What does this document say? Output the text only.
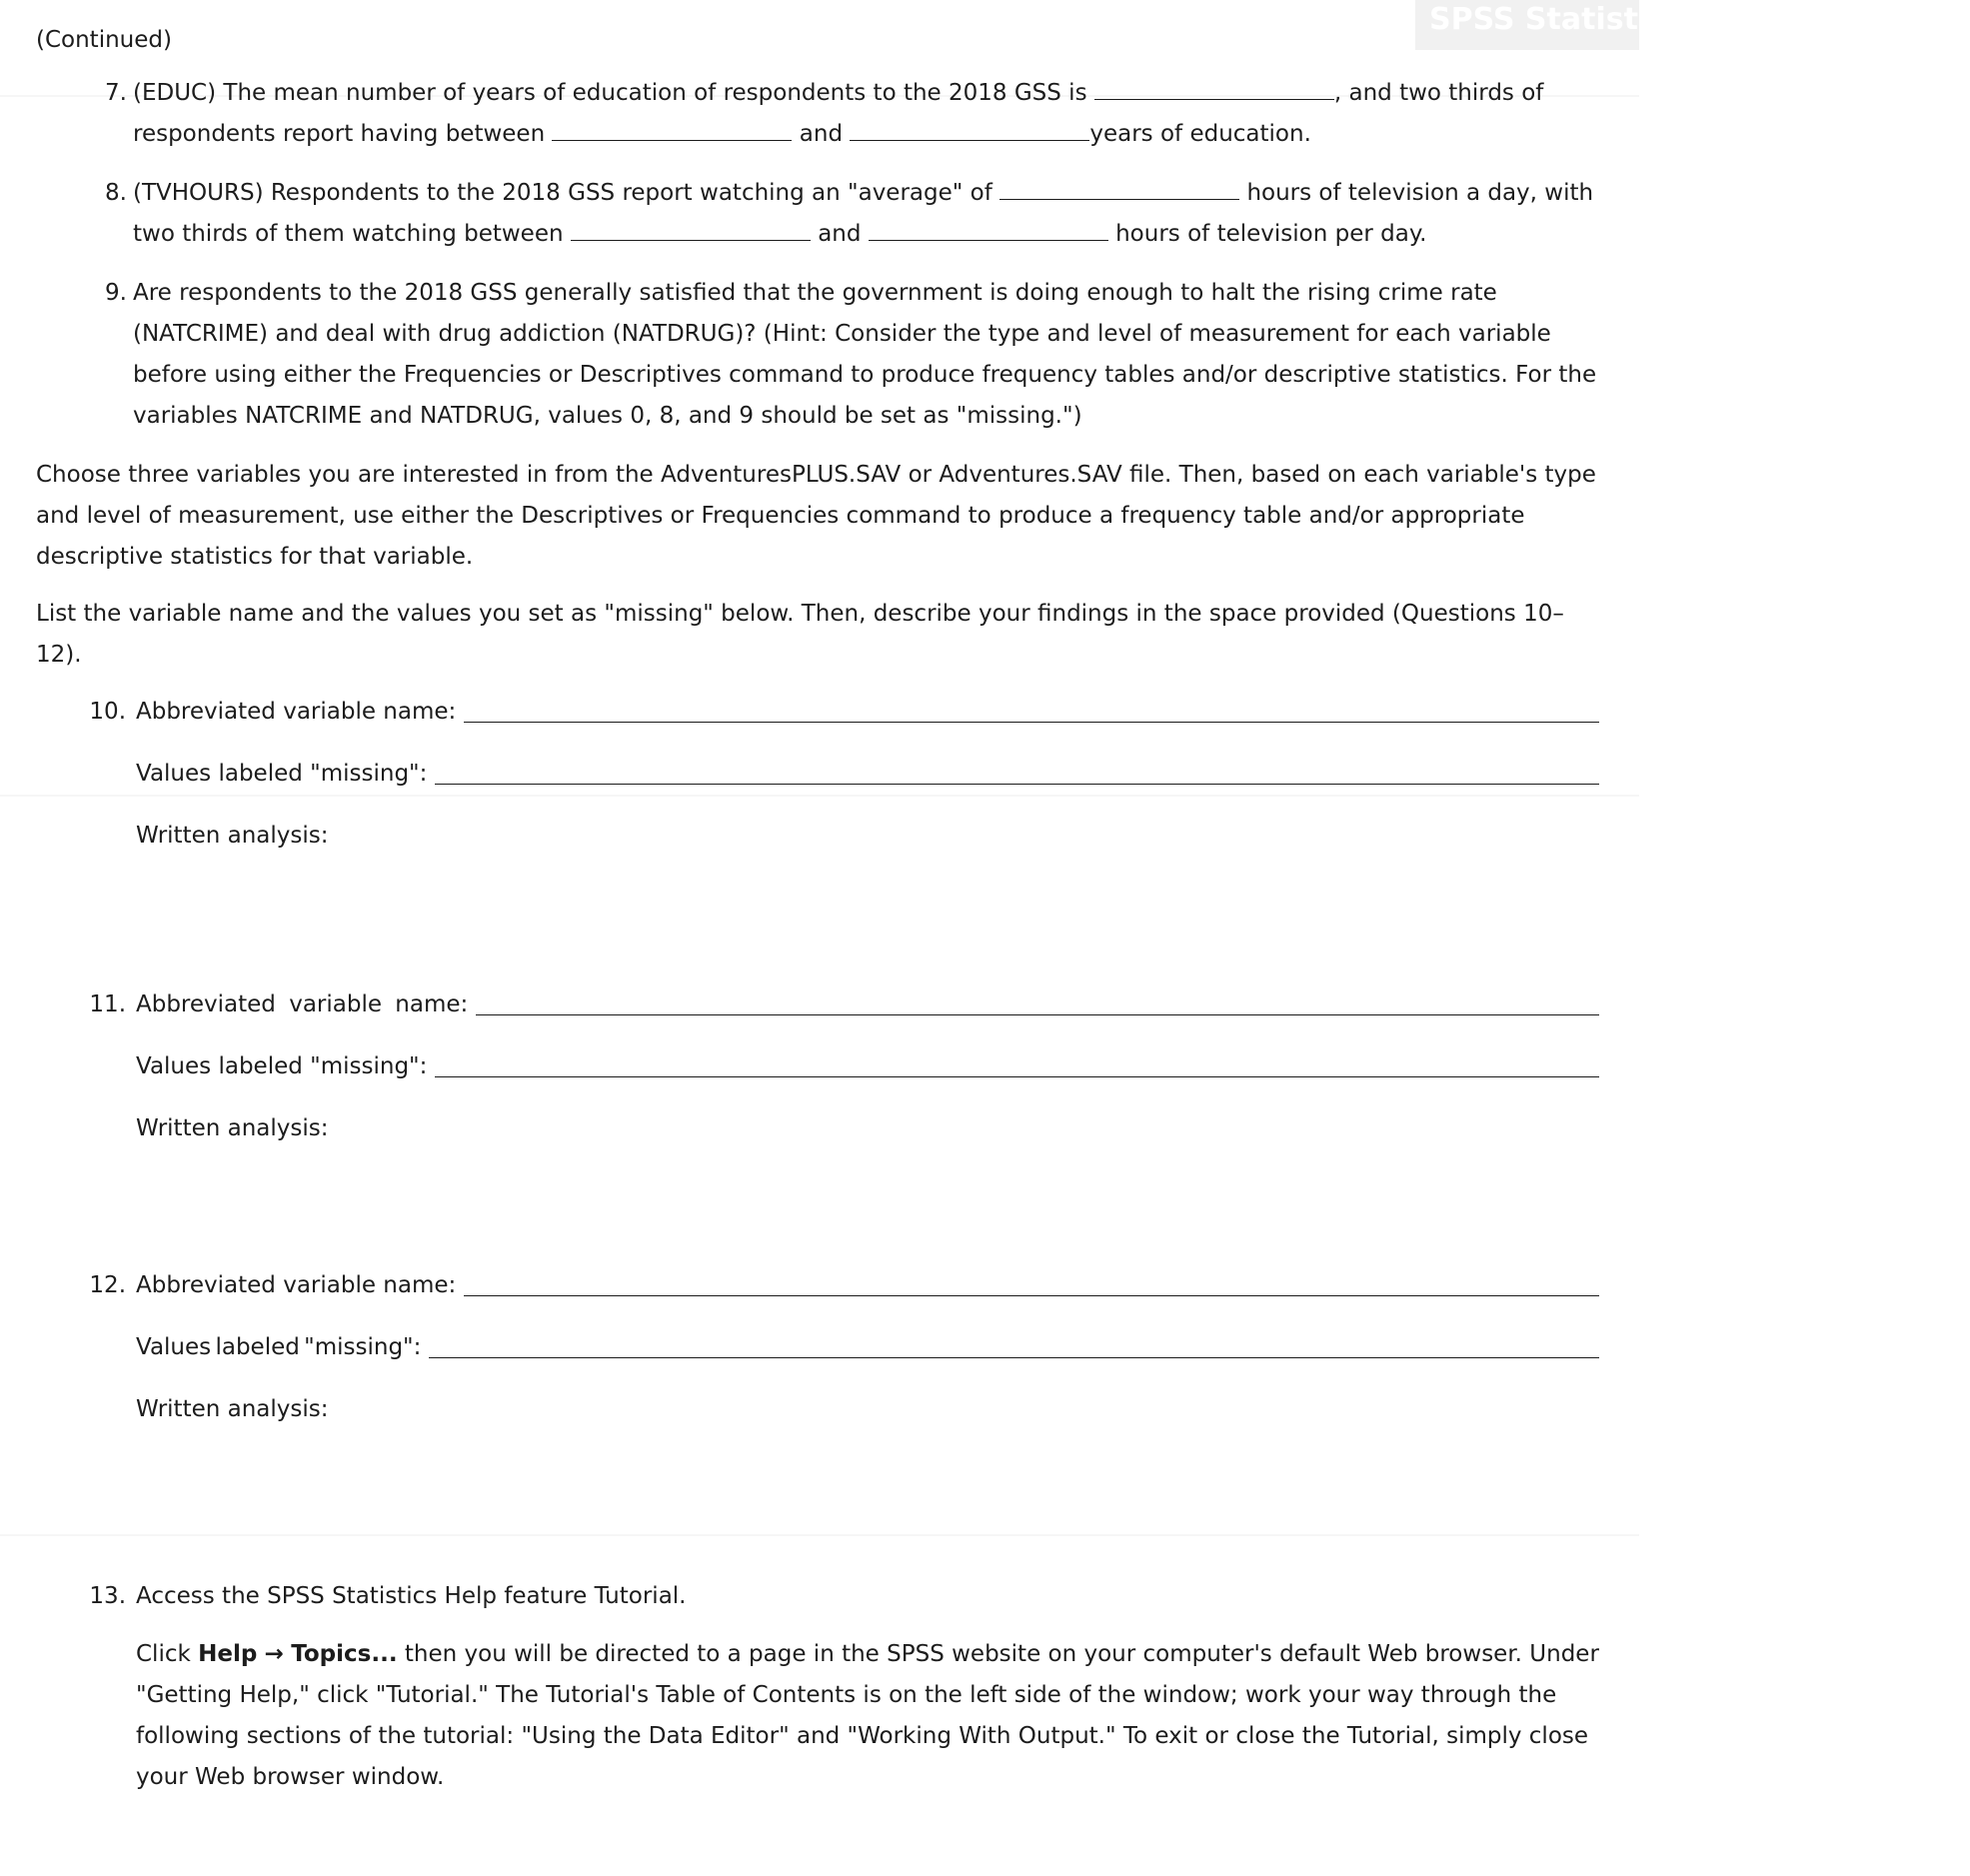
SPSS Statistics Lab Exercise 5.1
(Continued)
7. (EDUC) The mean number of years of education of respondents to the 2018 GSS is	, and two thirds of respondents report having between	and	years of education.
8. (TVHOURS) Respondents to the 2018 GSS report watching an "average" of	hours of television a day, with two thirds of them watching between	and	hours of television per day.
9. Are respondents to the 2018 GSS generally satisfied that the government is doing enough to halt the rising crime rate (NATCRIME) and deal with drug addiction (NATDRUG)? (Hint: Consider the type and level of measurement for each variable before using either the Frequencies or Descriptives command to produce frequency tables and/or descriptive statistics. For the variables NATCRIME and NATDRUG, values 0, 8, and 9 should be set as "missing.")

Choose three variables you are interested in from the AdventuresPLUS.SAV or Adventures.SAV file. Then, based on each variable's type and level of measurement, use either the Descriptives or Frequencies command to produce a frequency table and/or appropriate descriptive statistics for that variable.

List the variable name and the values you set as "missing" below. Then, describe your findings in the space provided (Questions 10–12).

10. Abbreviated variable name:
Values labeled "missing":
Written analysis:
11. Abbreviated variable name:
Values labeled "missing":
Written analysis:
12. Abbreviated variable name:
Values labeled "missing":
Written analysis:
13. Access the SPSS Statistics Help feature Tutorial.
Click Help → Topics... then you will be directed to a page in the SPSS website on your computer's default Web browser. Under "Getting Help," click "Tutorial." The Tutorial's Table of Contents is on the left side of the window; work your way through the following sections of the tutorial: "Using the Data Editor" and "Working With Output." To exit or close the Tutorial, simply close your Web browser window.
